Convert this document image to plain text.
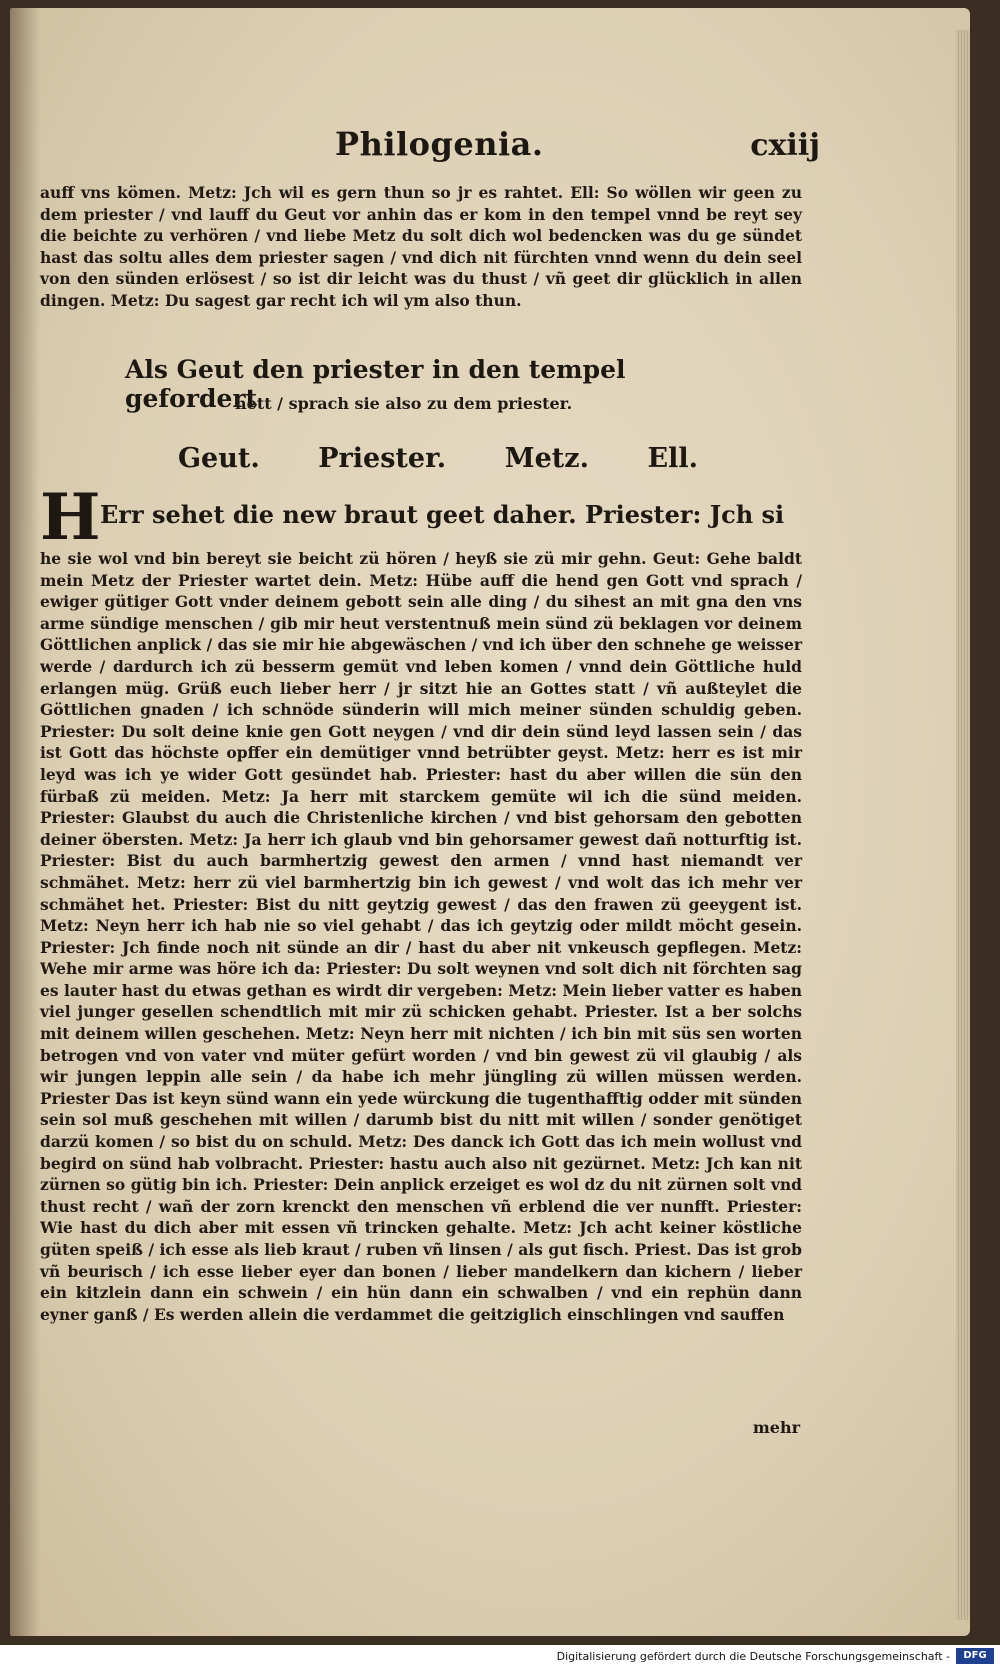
Philogenia.	cxiij
auff vns kömen. Metz: Jch wil es gern thun so jr es rahtet. Ell: So wöllen wir geen zu dem priester / vnd lauff du Geut vor anhin das er kom in den tempel vnnd be reyt sey die beichte zu verhören / vnd liebe Metz du solt dich wol bedencken was du ge sündet hast das soltu alles dem priester sagen / vnd dich nit fürchten vnnd wenn du dein seel von den sünden erlösest / so ist dir leicht was du thust / vñ geet dir glücklich in allen dingen. Metz: Du sagest gar recht ich wil ym also thun.
Als Geut den priester in den tempel gefordert
hett / sprach sie also zu dem priester.
Geut. Priester. Metz. Ell.
H Err sehet die new braut geet daher. Priester: Jch si
he sie wol vnd bin bereyt sie beicht zü hören / heyß sie zü mir gehn. Geut: Gehe baldt mein Metz der Priester wartet dein. Metz: Hübe auff die hend gen Gott vnd sprach / ewiger gütiger Gott vnder deinem gebott sein alle ding / du sihest an mit gna den vns arme sündige menschen / gib mir heut verstentnuß mein sünd zü beklagen vor deinem Göttlichen anplick / das sie mir hie abgewäschen / vnd ich über den schnehe ge weisser werde / dardurch ich zü besserm gemüt vnd leben komen / vnnd dein Göttliche huld erlangen müg. Grüß euch lieber herr / jr sitzt hie an Gottes statt / vñ außteylet die Göttlichen gnaden / ich schnöde sünderin will mich meiner sünden schuldig geben. Priester: Du solt deine knie gen Gott neygen / vnd dir dein sünd leyd lassen sein / das ist Gott das höchste opffer ein demütiger vnnd betrübter geyst. Metz: herr es ist mir leyd was ich ye wider Gott gesündet hab. Priester: hast du aber willen die sün den fürbaß zü meiden. Metz: Ja herr mit starckem gemüte wil ich die sünd meiden. Priester: Glaubst du auch die Christenliche kirchen / vnd bist gehorsam den gebotten deiner öbersten. Metz: Ja herr ich glaub vnd bin gehorsamer gewest dañ notturftig ist. Priester: Bist du auch barmhertzig gewest den armen / vnnd hast niemandt ver schmähet. Metz: herr zü viel barmhertzig bin ich gewest / vnd wolt das ich mehr ver schmähet het. Priester: Bist du nitt geytzig gewest / das den frawen zü geeygent ist. Metz: Neyn herr ich hab nie so viel gehabt / das ich geytzig oder mildt möcht gesein. Priester: Jch finde noch nit sünde an dir / hast du aber nit vnkeusch gepflegen. Metz: Wehe mir arme was höre ich da: Priester: Du solt weynen vnd solt dich nit förchten sag es lauter hast du etwas gethan es wirdt dir vergeben: Metz: Mein lieber vatter es haben viel junger gesellen schendtlich mit mir zü schicken gehabt. Priester. Ist a ber solchs mit deinem willen geschehen. Metz: Neyn herr mit nichten / ich bin mit süs sen worten betrogen vnd von vater vnd müter gefürt worden / vnd bin gewest zü vil glaubig / als wir jungen leppin alle sein / da habe ich mehr jüngling zü willen müssen werden. Priester Das ist keyn sünd wann ein yede würckung die tugenthafftig odder mit sünden sein sol muß geschehen mit willen / darumb bist du nitt mit willen / sonder genötiget darzü komen / so bist du on schuld. Metz: Des danck ich Gott das ich mein wollust vnd begird on sünd hab volbracht. Priester: hastu auch also nit gezürnet. Metz: Jch kan nit zürnen so gütig bin ich. Priester: Dein anplick erzeiget es wol dz du nit zürnen solt vnd thust recht / wañ der zorn krenckt den menschen vñ erblend die ver nunfft. Priester: Wie hast du dich aber mit essen vñ trincken gehalte. Metz: Jch acht keiner köstliche güten speiß / ich esse als lieb kraut / ruben vñ linsen / als gut fisch. Priest. Das ist grob vñ beurisch / ich esse lieber eyer dan bonen / lieber mandelkern dan kichern / lieber ein kitzlein dann ein schwein / ein hün dann ein schwalben / vnd ein rephün dann eyner ganß / Es werden allein die verdammet die geitziglich einschlingen vnd sauffen
mehr
Digitalisierung gefördert durch die Deutsche Forschungsgemeinschaft -	DFG
